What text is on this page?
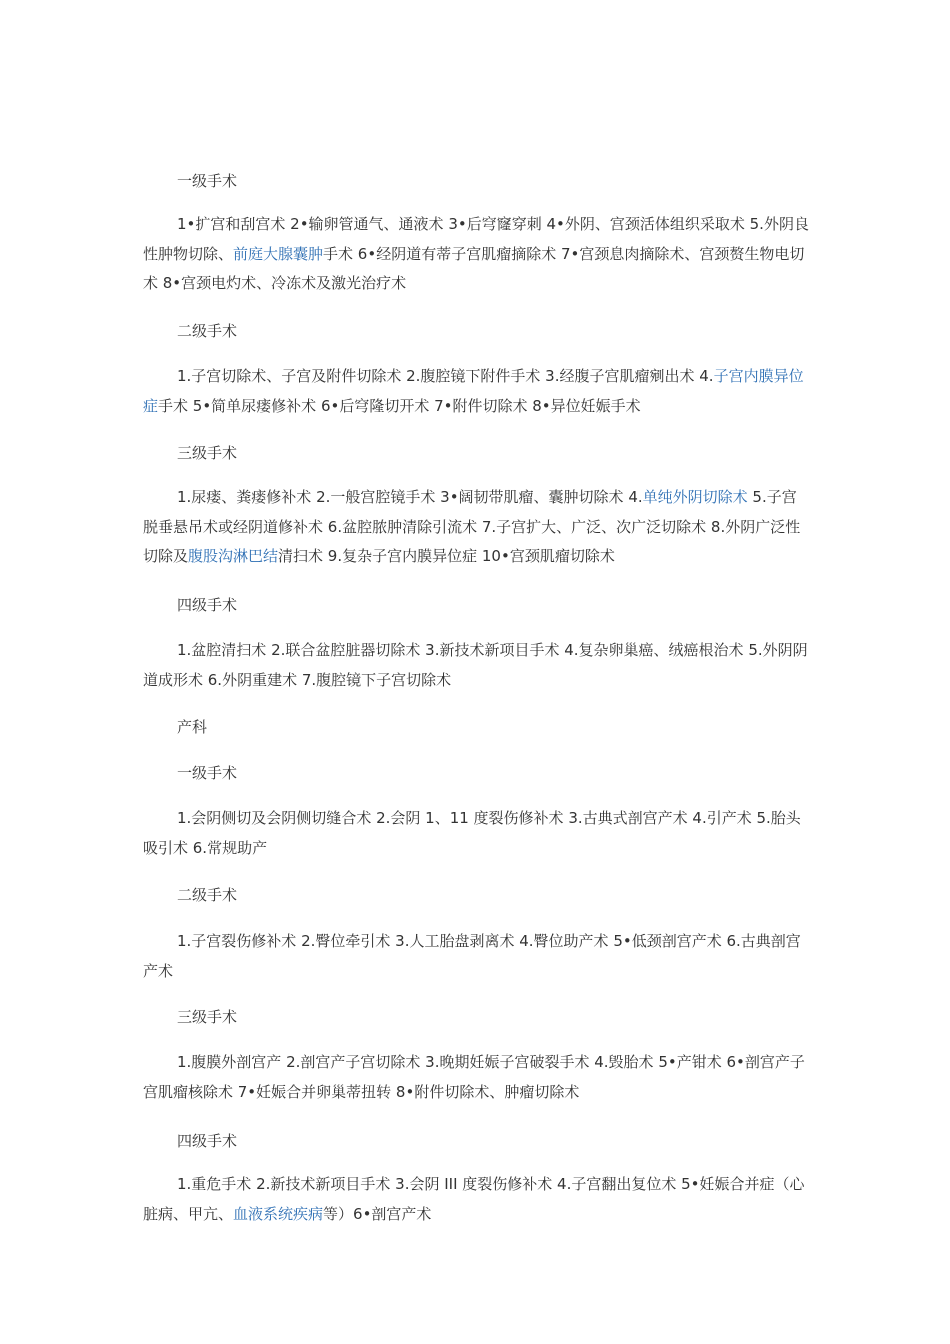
一级手术
1•扩宫和刮宫术 2•输卵管通气、通液术 3•后穹窿穿刺 4•外阴、宫颈活体组织采取术 5.外阴良性肿物切除、前庭大腺囊肿手术 6•经阴道有蒂子宫肌瘤摘除术 7•宫颈息肉摘除术、宫颈赘生物电切术 8•宫颈电灼术、冷冻术及激光治疗术
二级手术
1.子宫切除术、子宫及附件切除术 2.腹腔镜下附件手术 3.经腹子宫肌瘤剜出术 4.子宫内膜异位症手术 5•简单尿瘘修补术 6•后穹隆切开术 7•附件切除术 8•异位妊娠手术
三级手术
1.尿瘘、粪瘘修补术 2.一般宫腔镜手术 3•阔韧带肌瘤、囊肿切除术 4.单纯外阴切除术 5.子宫脱垂悬吊术或经阴道修补术 6.盆腔脓肿清除引流术 7.子宫扩大、广泛、次广泛切除术 8.外阴广泛性切除及腹股沟淋巴结清扫术 9.复杂子宫内膜异位症 10•宫颈肌瘤切除术
四级手术
1.盆腔清扫术 2.联合盆腔脏器切除术 3.新技术新项目手术 4.复杂卵巢癌、绒癌根治术 5.外阴阴道成形术 6.外阴重建术 7.腹腔镜下子宫切除术
产科
一级手术
1.会阴侧切及会阴侧切缝合术 2.会阴 1、11 度裂伤修补术 3.古典式剖宫产术 4.引产术 5.胎头吸引术 6.常规助产
二级手术
1.子宫裂伤修补术 2.臀位牵引术 3.人工胎盘剥离术 4.臀位助产术 5•低颈剖宫产术 6.古典剖宫产术
三级手术
1.腹膜外剖宫产 2.剖宫产子宫切除术 3.晚期妊娠子宫破裂手术 4.毁胎术 5•产钳术 6•剖宫产子宫肌瘤核除术 7•妊娠合并卵巢蒂扭转 8•附件切除术、肿瘤切除术
四级手术
1.重危手术 2.新技术新项目手术 3.会阴 III 度裂伤修补术 4.子宫翻出复位术 5•妊娠合并症（心脏病、甲亢、血液系统疾病等）6•剖宫产术
